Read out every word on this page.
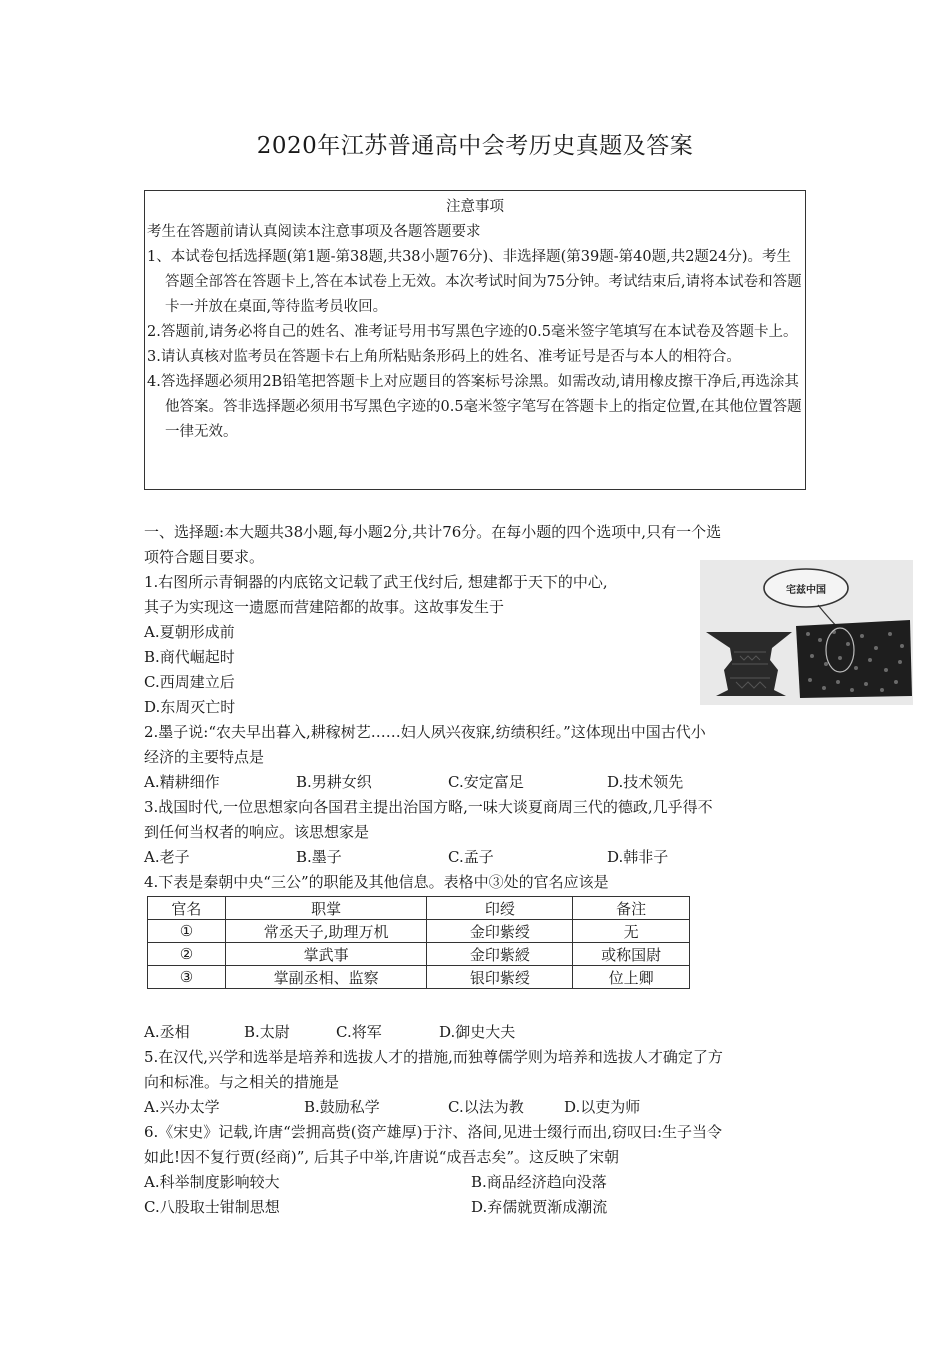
2020年江苏普通高中会考历史真题及答案
注意事项
考生在答题前请认真阅读本注意事项及各题答题要求
1、本试卷包括选择题(第1题-第38题,共38小题76分)、非选择题(第39题-第40题,共2题24分)。考生答题全部答在答题卡上,答在本试卷上无效。本次考试时间为75分钟。考试结束后,请将本试卷和答题卡一并放在桌面,等待监考员收回。
2.答题前,请务必将自己的姓名、准考证号用书写黑色字迹的0.5毫米签字笔填写在本试卷及答题卡上。
3.请认真核对监考员在答题卡右上角所粘贴条形码上的姓名、准考证号是否与本人的相符合。
4.答选择题必须用2B铅笔把答题卡上对应题目的答案标号涂黑。如需改动,请用橡皮擦干净后,再选涂其他答案。答非选择题必须用书写黑色字迹的0.5毫米签字笔写在答题卡上的指定位置,在其他位置答题一律无效。
一、选择题:本大题共38小题,每小题2分,共计76分。在每小题的四个选项中,只有一个选
项符合题目要求。
1.右图所示青铜器的内底铭文记载了武王伐纣后, 想建都于天下的中心,
其子为实现这一遗愿而营建陪都的故事。这故事发生于
A.夏朝形成前
B.商代崛起时
C.西周建立后
D.东周灭亡时
宅兹中国
2.墨子说:“农夫早出暮入,耕稼树艺……妇人夙兴夜寐,纺绩积纴。”这体现出中国古代小
经济的主要特点是
A.精耕细作	B.男耕女织	C.安定富足	D.技术领先
3.战国时代,一位思想家向各国君主提出治国方略,一味大谈夏商周三代的德政,几乎得不
到任何当权者的响应。该思想家是
A.老子	B.墨子	C.孟子	D.韩非子
4.下表是秦朝中央“三公”的职能及其他信息。表格中③处的官名应该是
官名	职掌	印绶	备注
①	常丞天子,助理万机	金印紫绶	无
②	掌武事	金印紫綬	或称国尉
③	掌副丞相、监察	银印紫绶	位上卿
A.丞相	B.太尉	C.将军	D.御史大夫
5.在汉代,兴学和选举是培养和选拔人才的措施,而独尊儒学则为培养和选拔人才确定了方
向和标准。与之相关的措施是
A.兴办太学	B.鼓励私学	C.以法为教	D.以吏为师
6.《宋史》记载,许唐“尝拥高赀(资产雄厚)于汴、洛间,见进士缀行而出,窃叹曰:生子当令
如此!因不复行贾(经商)”, 后其子中举,许唐说“成吾志矣”。这反映了宋朝
A.科举制度影响较大	B.商品经济趋向没落
C.八股取士钳制思想	D.弃儒就贾渐成潮流
